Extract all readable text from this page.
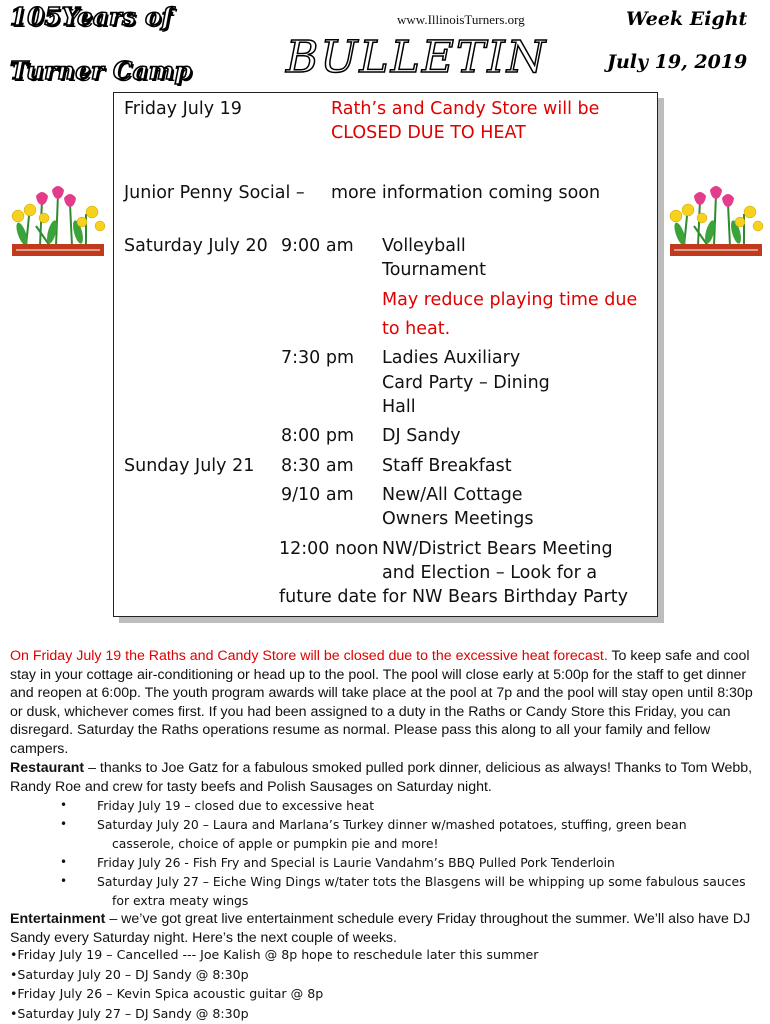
105Years of
Turner Camp
www.IllinoisTurners.org
BULLETIN
Week Eight
July 19, 2019
Friday July 19	Rath’s and Candy Store will be
CLOSED DUE TO HEAT
Junior Penny Social – more information coming soon
Saturday July 20 9:00 am Volleyball
Tournament
May reduce playing time due
to heat.
7:30 pm Ladies Auxiliary
Card Party – Dining
Hall
8:00 pm DJ Sandy
Sunday July 21 8:30 am Staff Breakfast
9/10 am New/All Cottage
Owners Meetings
12:00 noon NW/District Bears Meeting
and Election – Look for a
future date for NW Bears Birthday Party
On Friday July 19 the Raths and Candy Store will be closed due to the excessive heat forecast. To keep safe and cool stay in your cottage air-conditioning or head up to the pool. The pool will close early at 5:00p for the staff to get dinner and reopen at 6:00p. The youth program awards will take place at the pool at 7p and the pool will stay open until 8:30p or dusk, whichever comes first. If you had been assigned to a duty in the Raths or Candy Store this Friday, you can disregard. Saturday the Raths operations resume as normal. Please pass this along to all your family and fellow campers.
Restaurant – thanks to Joe Gatz for a fabulous smoked pulled pork dinner, delicious as always! Thanks to Tom Webb, Randy Roe and crew for tasty beefs and Polish Sausages on Saturday night.
• Friday July 19 – closed due to excessive heat
• Saturday July 20 – Laura and Marlana’s Turkey dinner w/mashed potatoes, stuffing, green bean
casserole, choice of apple or pumpkin pie and more!
• Friday July 26 - Fish Fry and Special is Laurie Vandahm’s BBQ Pulled Pork Tenderloin
• Saturday July 27 – Eiche Wing Dings w/tater tots the Blasgens will be whipping up some fabulous sauces
for extra meaty wings
Entertainment – we’ve got great live entertainment schedule every Friday throughout the summer. We’ll also have DJ Sandy every Saturday night. Here’s the next couple of weeks.
•Friday July 19 – Cancelled --- Joe Kalish @ 8p hope to reschedule later this summer
•Saturday July 20 – DJ Sandy @ 8:30p
•Friday July 26 – Kevin Spica acoustic guitar @ 8p
•Saturday July 27 – DJ Sandy @ 8:30p
